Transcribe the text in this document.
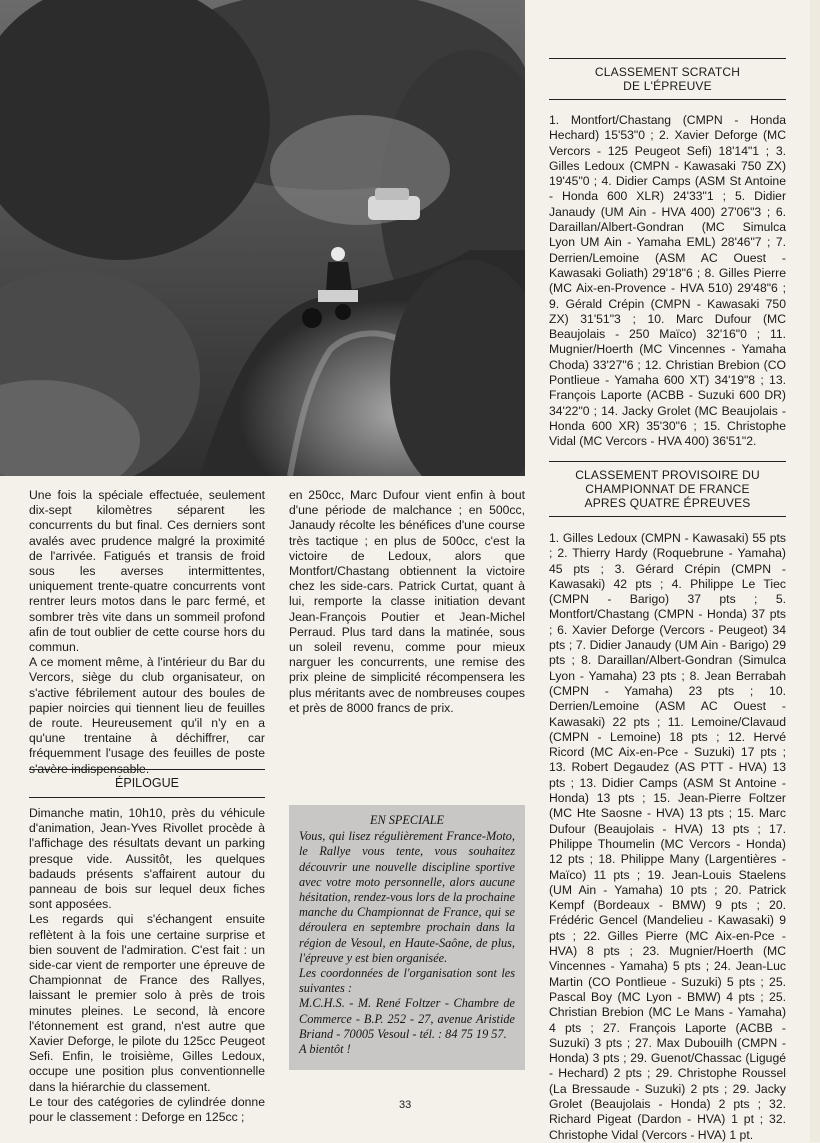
Une fois la spéciale effectuée, seulement dix-sept kilomètres séparent les concurrents du but final. Ces derniers sont avalés avec prudence malgré la proximité de l'arrivée. Fatigués et transis de froid sous les averses intermittentes, uniquement trente-quatre concurrents vont rentrer leurs motos dans le parc fermé, et sombrer très vite dans un sommeil profond afin de tout oublier de cette course hors du commun.

A ce moment même, à l'intérieur du Bar du Vercors, siège du club organisateur, on s'active fébrilement autour des boules de papier noircies qui tiennent lieu de feuilles de route. Heureusement qu'il n'y en a qu'une trentaine à déchiffrer, car fréquemment l'usage des feuilles de poste s'avère indispensable.

ÉPILOGUE

Dimanche matin, 10h10, près du véhicule d'animation, Jean-Yves Rivollet procède à l'affichage des résultats devant un parking presque vide. Aussitôt, les quelques badauds présents s'affairent autour du panneau de bois sur lequel deux fiches sont apposées.

Les regards qui s'échangent ensuite reflètent à la fois une certaine surprise et bien souvent de l'admiration. C'est fait : un side-car vient de remporter une épreuve de Championnat de France des Rallyes, laissant le premier solo à près de trois minutes pleines. Le second, là encore l'étonnement est grand, n'est autre que Xavier Deforge, le pilote du 125cc Peugeot Sefi. Enfin, le troisième, Gilles Ledoux, occupe une position plus conventionnelle dans la hiérarchie du classement.

Le tour des catégories de cylindrée donne pour le classement : Deforge en 125cc ;

en 250cc, Marc Dufour vient enfin à bout d'une période de malchance ; en 500cc, Janaudy récolte les bénéfices d'une course très tactique ; en plus de 500cc, c'est la victoire de Ledoux, alors que Montfort/Chastang obtiennent la victoire chez les side-cars. Patrick Curtat, quant à lui, remporte la classe initiation devant Jean-François Poutier et Jean-Michel Perraud. Plus tard dans la matinée, sous un soleil revenu, comme pour mieux narguer les concurrents, une remise des prix pleine de simplicité récompensera les plus méritants avec de nombreuses coupes et près de 8000 francs de prix.

EN SPECIALE

Vous, qui lisez régulièrement France-Moto, le Rallye vous tente, vous souhaitez découvrir une nouvelle discipline sportive avec votre moto personnelle, alors aucune hésitation, rendez-vous lors de la prochaine manche du Championnat de France, qui se déroulera en septembre prochain dans la région de Vesoul, en Haute-Saône, de plus, l'épreuve y est bien organisée.

Les coordonnées de l'organisation sont les suivantes :

M.C.H.S. - M. René Foltzer - Chambre de Commerce - B.P. 252 - 27, avenue Aristide Briand - 70005 Vesoul - tél. : 84 75 19 57.

A bientôt !

CLASSEMENT SCRATCH
DE L'ÉPREUVE
1. Montfort/Chastang (CMPN - Honda Hechard) 15'53"0 ; 2. Xavier Deforge (MC Vercors - 125 Peugeot Sefi) 18'14"1 ; 3. Gilles Ledoux (CMPN - Kawasaki 750 ZX) 19'45"0 ; 4. Didier Camps (ASM St Antoine - Honda 600 XLR) 24'33"1 ; 5. Didier Janaudy (UM Ain - HVA 400) 27'06"3 ; 6. Daraillan/Albert-Gondran (MC Simulca Lyon UM Ain - Yamaha EML) 28'46"7 ; 7. Derrien/Lemoine (ASM AC Ouest - Kawasaki Goliath) 29'18"6 ; 8. Gilles Pierre (MC Aix-en-Provence - HVA 510) 29'48"6 ; 9. Gérald Crépin (CMPN - Kawasaki 750 ZX) 31'51"3 ; 10. Marc Dufour (MC Beaujolais - 250 Maïco) 32'16"0 ; 11. Mugnier/Hoerth (MC Vincennes - Yamaha Choda) 33'27"6 ; 12. Christian Brebion (CO Pontlieue - Yamaha 600 XT) 34'19"8 ; 13. François Laporte (ACBB - Suzuki 600 DR) 34'22"0 ; 14. Jacky Grolet (MC Beaujolais - Honda 600 XR) 35'30"6 ; 15. Christophe Vidal (MC Vercors - HVA 400) 36'51"2.
CLASSEMENT PROVISOIRE DU
CHAMPIONNAT DE FRANCE
APRES QUATRE ÉPREUVES
1. Gilles Ledoux (CMPN - Kawasaki) 55 pts ; 2. Thierry Hardy (Roquebrune - Yamaha) 45 pts ; 3. Gérard Crépin (CMPN - Kawasaki) 42 pts ; 4. Philippe Le Tiec (CMPN - Barigo) 37 pts ; 5. Montfort/Chastang (CMPN - Honda) 37 pts ; 6. Xavier Deforge (Vercors - Peugeot) 34 pts ; 7. Didier Janaudy (UM Ain - Barigo) 29 pts ; 8. Daraillan/Albert-Gondran (Simulca Lyon - Yamaha) 23 pts ; 8. Jean Berrabah (CMPN - Yamaha) 23 pts ; 10. Derrien/Lemoine (ASM AC Ouest - Kawasaki) 22 pts ; 11. Lemoine/Clavaud (CMPN - Lemoine) 18 pts ; 12. Hervé Ricord (MC Aix-en-Pce - Suzuki) 17 pts ; 13. Robert Degaudez (AS PTT - HVA) 13 pts ; 13. Didier Camps (ASM St Antoine - Honda) 13 pts ; 15. Jean-Pierre Foltzer (MC Hte Saosne - HVA) 13 pts ; 15. Marc Dufour (Beaujolais - HVA) 13 pts ; 17. Philippe Thoumelin (MC Vercors - Honda) 12 pts ; 18. Philippe Many (Largentières - Maïco) 11 pts ; 19. Jean-Louis Staelens (UM Ain - Yamaha) 10 pts ; 20. Patrick Kempf (Bordeaux - BMW) 9 pts ; 20. Frédéric Gencel (Mandelieu - Kawasaki) 9 pts ; 22. Gilles Pierre (MC Aix-en-Pce - HVA) 8 pts ; 23. Mugnier/Hoerth (MC Vincennes - Yamaha) 5 pts ; 24. Jean-Luc Martin (CO Pontlieue - Suzuki) 5 pts ; 25. Pascal Boy (MC Lyon - BMW) 4 pts ; 25. Christian Brebion (MC Le Mans - Yamaha) 4 pts ; 27. François Laporte (ACBB - Suzuki) 3 pts ; 27. Max Dubouilh (CMPN - Honda) 3 pts ; 29. Guenot/Chassac (Ligugé - Hechard) 2 pts ; 29. Christophe Roussel (La Bressaude - Suzuki) 2 pts ; 29. Jacky Grolet (Beaujolais - Honda) 2 pts ; 32. Richard Pigeat (Dardon - HVA) 1 pt ; 32. Christophe Vidal (Vercors - HVA) 1 pt.
33
